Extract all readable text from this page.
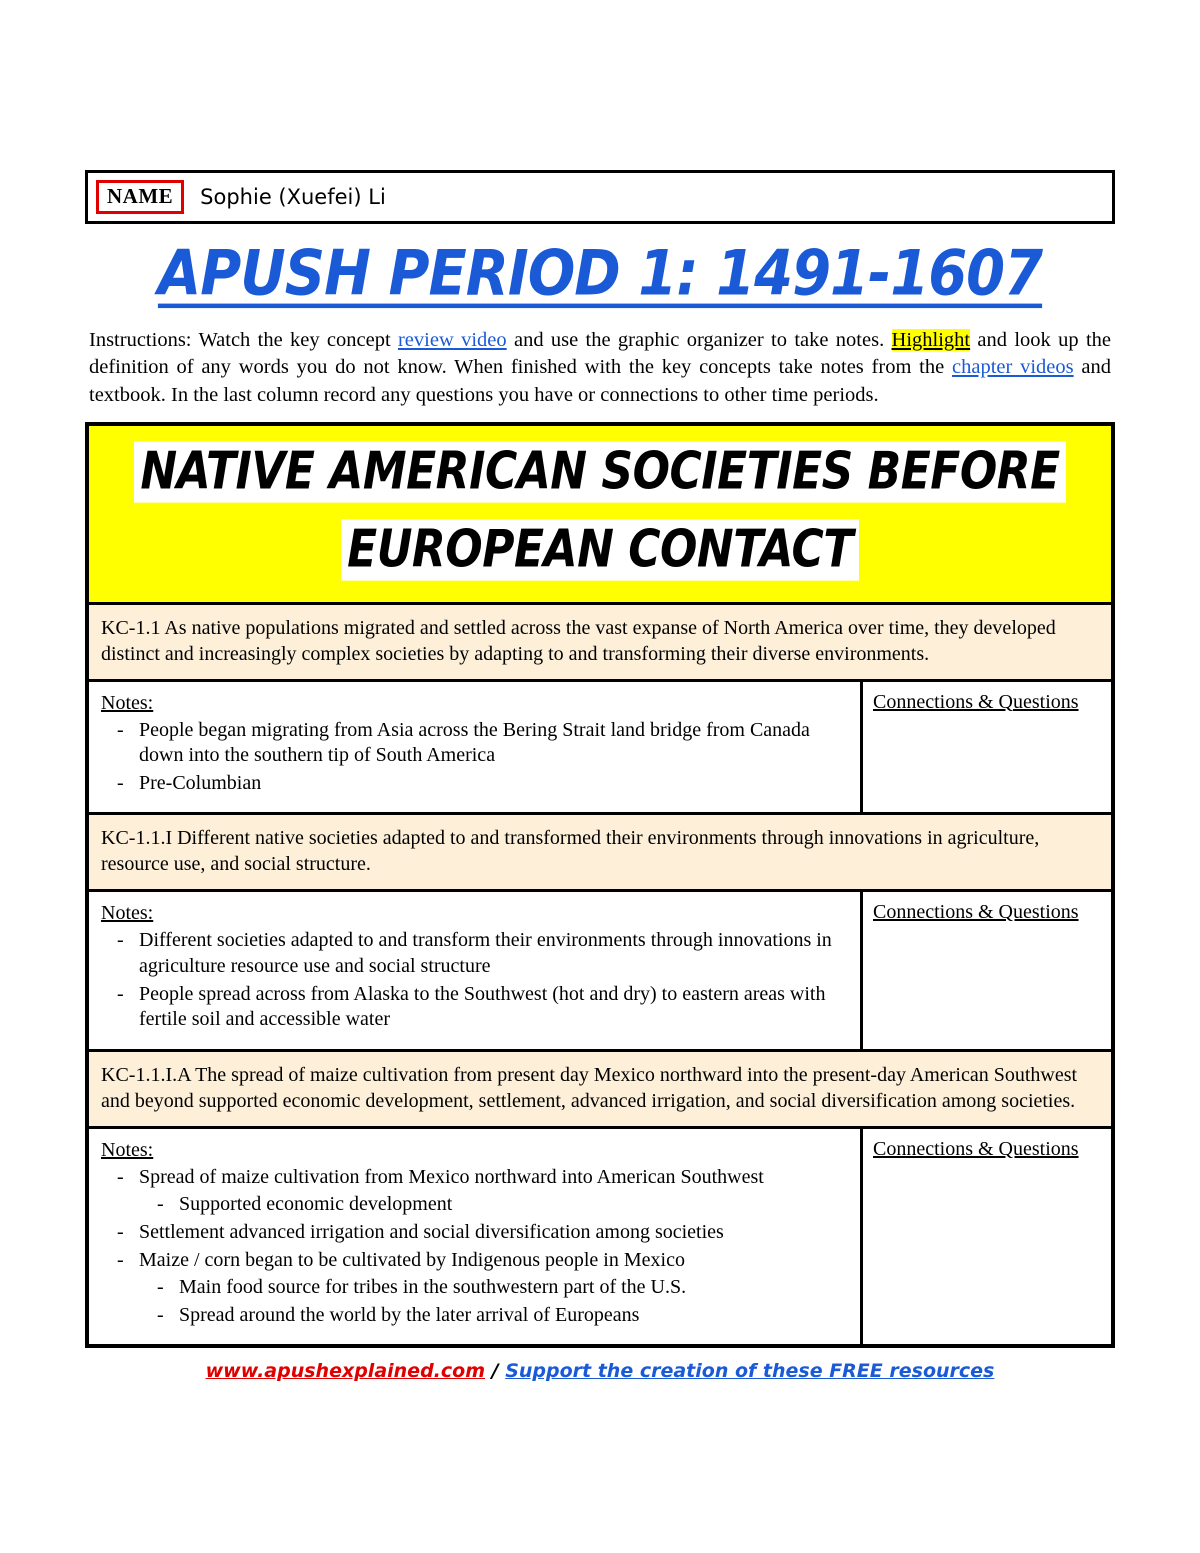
NAME	Sophie (Xuefei) Li
APUSH PERIOD 1: 1491-1607
Instructions: Watch the key concept review video and use the graphic organizer to take notes. Highlight and look up the definition of any words you do not know. When finished with the key concepts take notes from the chapter videos and textbook. In the last column record any questions you have or connections to other time periods.
NATIVE AMERICAN SOCIETIES BEFORE EUROPEAN CONTACT
KC-1.1 As native populations migrated and settled across the vast expanse of North America over time, they developed distinct and increasingly complex societies by adapting to and transforming their diverse environments.
Notes:
- People began migrating from Asia across the Bering Strait land bridge from Canada down into the southern tip of South America
- Pre-Columbian
Connections & Questions
KC-1.1.I Different native societies adapted to and transformed their environments through innovations in agriculture, resource use, and social structure.
Notes:
- Different societies adapted to and transform their environments through innovations in agriculture resource use and social structure
- People spread across from Alaska to the Southwest (hot and dry) to eastern areas with fertile soil and accessible water
Connections & Questions
KC-1.1.I.A The spread of maize cultivation from present day Mexico northward into the present-day American Southwest and beyond supported economic development, settlement, advanced irrigation, and social diversification among societies.
Notes:
- Spread of maize cultivation from Mexico northward into American Southwest
- Supported economic development
- Settlement advanced irrigation and social diversification among societies
- Maize / corn began to be cultivated by Indigenous people in Mexico
- Main food source for tribes in the southwestern part of the U.S.
- Spread around the world by the later arrival of Europeans
Connections & Questions
www.apushexplained.com / Support the creation of these FREE resources
